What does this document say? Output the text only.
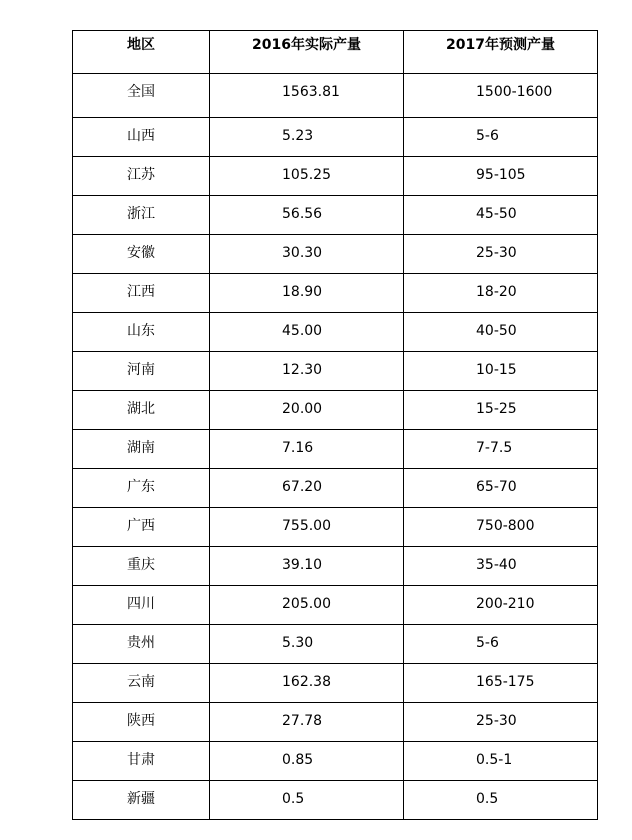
地区	2016年实际产量	2017年预测产量
全国	1563.81	1500-1600
山西	5.23	5-6
江苏	105.25	95-105
浙江	56.56	45-50
安徽	30.30	25-30
江西	18.90	18-20
山东	45.00	40-50
河南	12.30	10-15
湖北	20.00	15-25
湖南	7.16	7-7.5
广东	67.20	65-70
广西	755.00	750-800
重庆	39.10	35-40
四川	205.00	200-210
贵州	5.30	5-6
云南	162.38	165-175
陕西	27.78	25-30
甘肃	0.85	0.5-1
新疆	0.5	0.5
